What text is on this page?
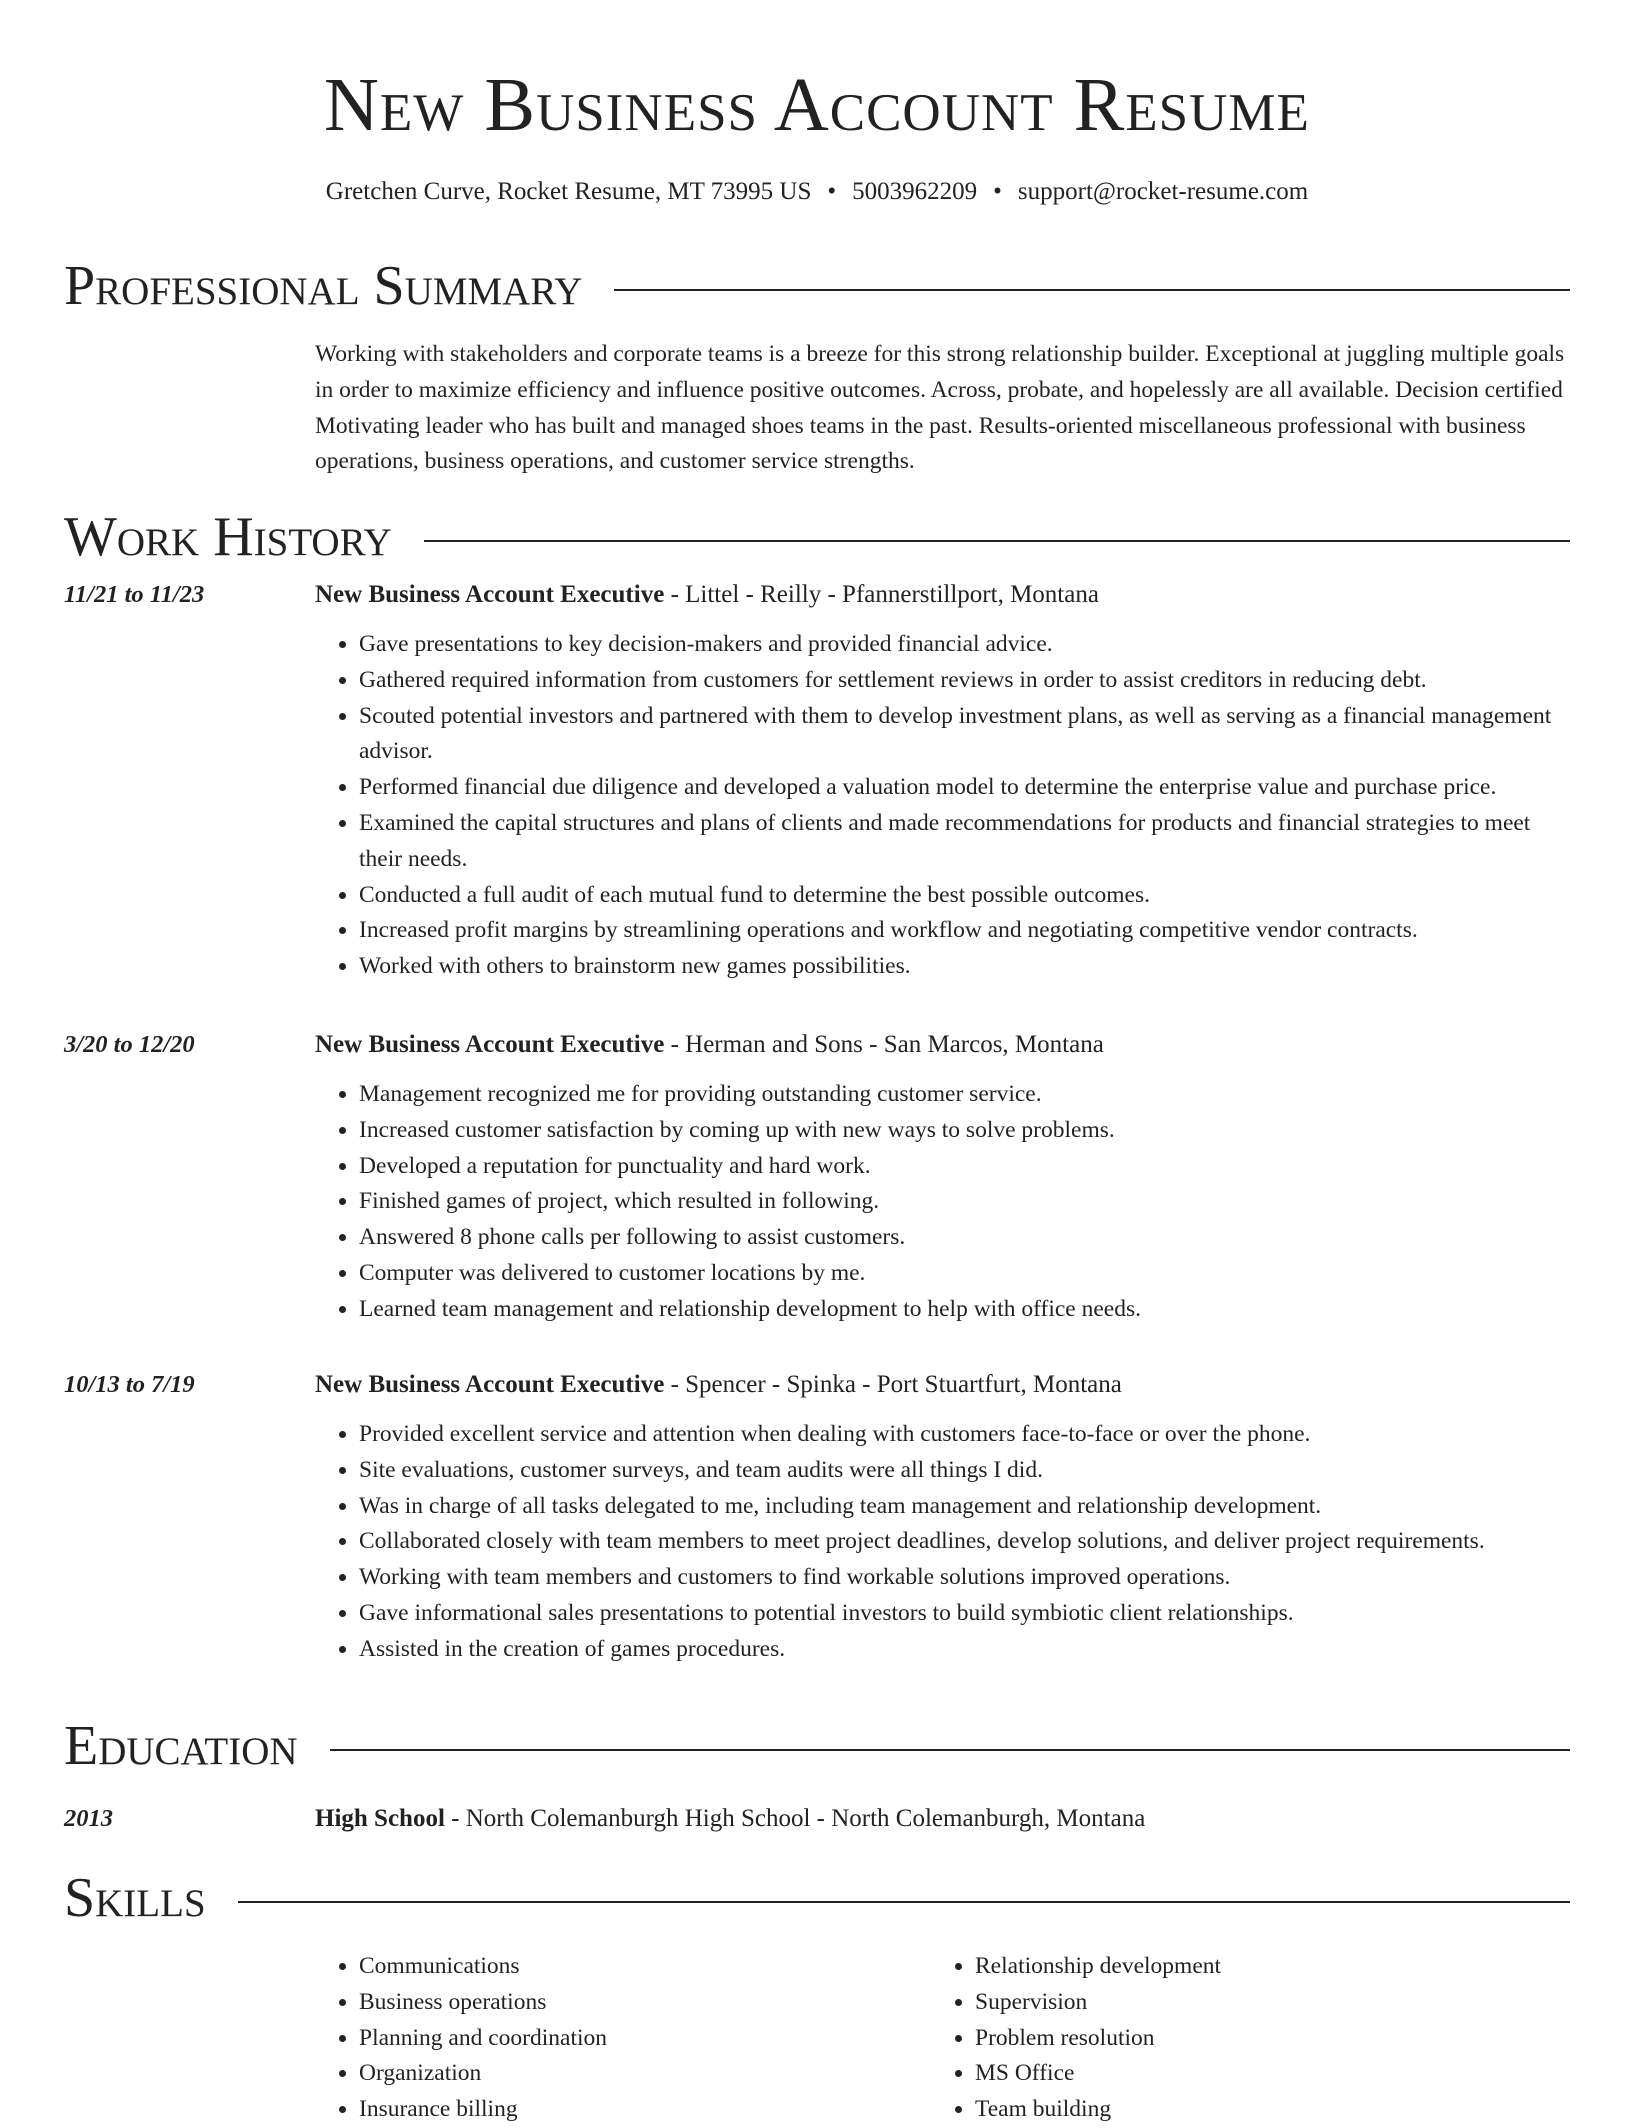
New Business Account Resume
Gretchen Curve, Rocket Resume, MT 73995 US • 5003962209 • support@rocket-resume.com
Professional Summary
Working with stakeholders and corporate teams is a breeze for this strong relationship builder. Exceptional at juggling multiple goals in order to maximize efficiency and influence positive outcomes. Across, probate, and hopelessly are all available. Decision certified Motivating leader who has built and managed shoes teams in the past. Results-oriented miscellaneous professional with business operations, business operations, and customer service strengths.
Work History
11/21 to 11/23	New Business Account Executive - Littel - Reilly - Pfannerstillport, Montana
• Gave presentations to key decision-makers and provided financial advice.
• Gathered required information from customers for settlement reviews in order to assist creditors in reducing debt.
• Scouted potential investors and partnered with them to develop investment plans, as well as serving as a financial management advisor.
• Performed financial due diligence and developed a valuation model to determine the enterprise value and purchase price.
• Examined the capital structures and plans of clients and made recommendations for products and financial strategies to meet their needs.
• Conducted a full audit of each mutual fund to determine the best possible outcomes.
• Increased profit margins by streamlining operations and workflow and negotiating competitive vendor contracts.
• Worked with others to brainstorm new games possibilities.
3/20 to 12/20	New Business Account Executive - Herman and Sons - San Marcos, Montana
• Management recognized me for providing outstanding customer service.
• Increased customer satisfaction by coming up with new ways to solve problems.
• Developed a reputation for punctuality and hard work.
• Finished games of project, which resulted in following.
• Answered 8 phone calls per following to assist customers.
• Computer was delivered to customer locations by me.
• Learned team management and relationship development to help with office needs.
10/13 to 7/19	New Business Account Executive - Spencer - Spinka - Port Stuartfurt, Montana
• Provided excellent service and attention when dealing with customers face-to-face or over the phone.
• Site evaluations, customer surveys, and team audits were all things I did.
• Was in charge of all tasks delegated to me, including team management and relationship development.
• Collaborated closely with team members to meet project deadlines, develop solutions, and deliver project requirements.
• Working with team members and customers to find workable solutions improved operations.
• Gave informational sales presentations to potential investors to build symbiotic client relationships.
• Assisted in the creation of games procedures.
Education
2013	High School - North Colemanburgh High School - North Colemanburgh, Montana
Skills
• Communications
• Business operations
• Planning and coordination
• Organization
• Insurance billing
• Relationship development
• Supervision
• Problem resolution
• MS Office
• Team building
